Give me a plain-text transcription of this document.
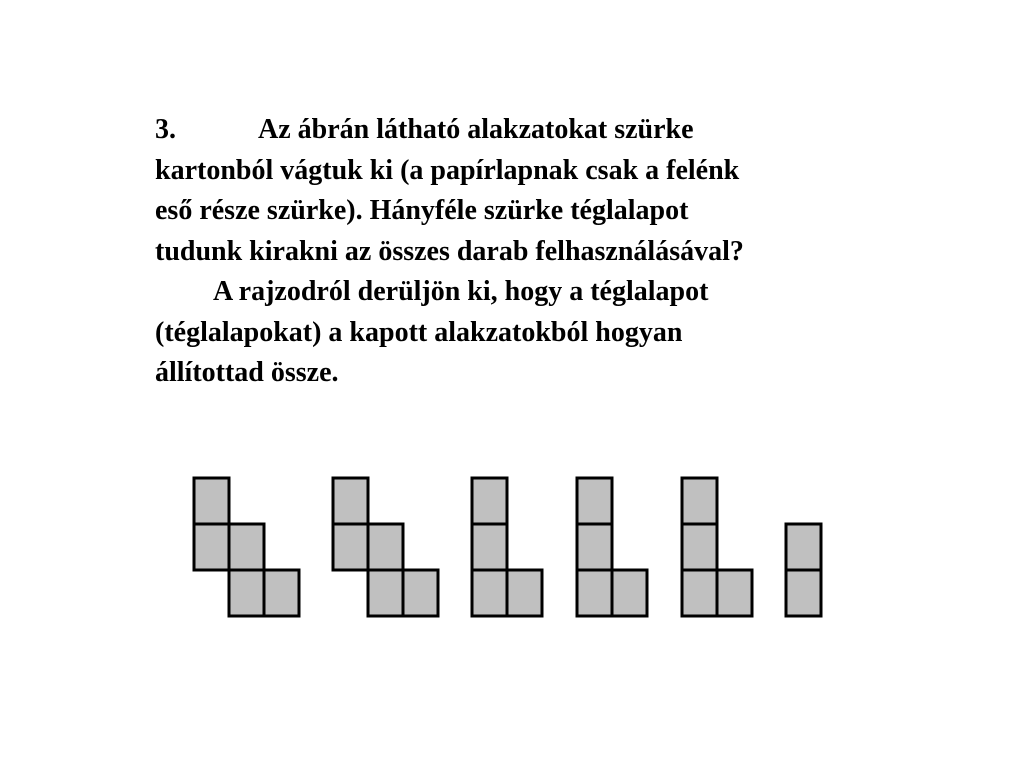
3.	Az ábrán látható alakzatokat szürke
kartonból vágtuk ki (a papírlapnak csak a felénk
eső része szürke). Hányféle szürke téglalapot
tudunk kirakni az összes darab felhasználásával?
A rajzodról derüljön ki, hogy a téglalapot
(téglalapokat) a kapott alakzatokból hogyan
állítottad össze.
